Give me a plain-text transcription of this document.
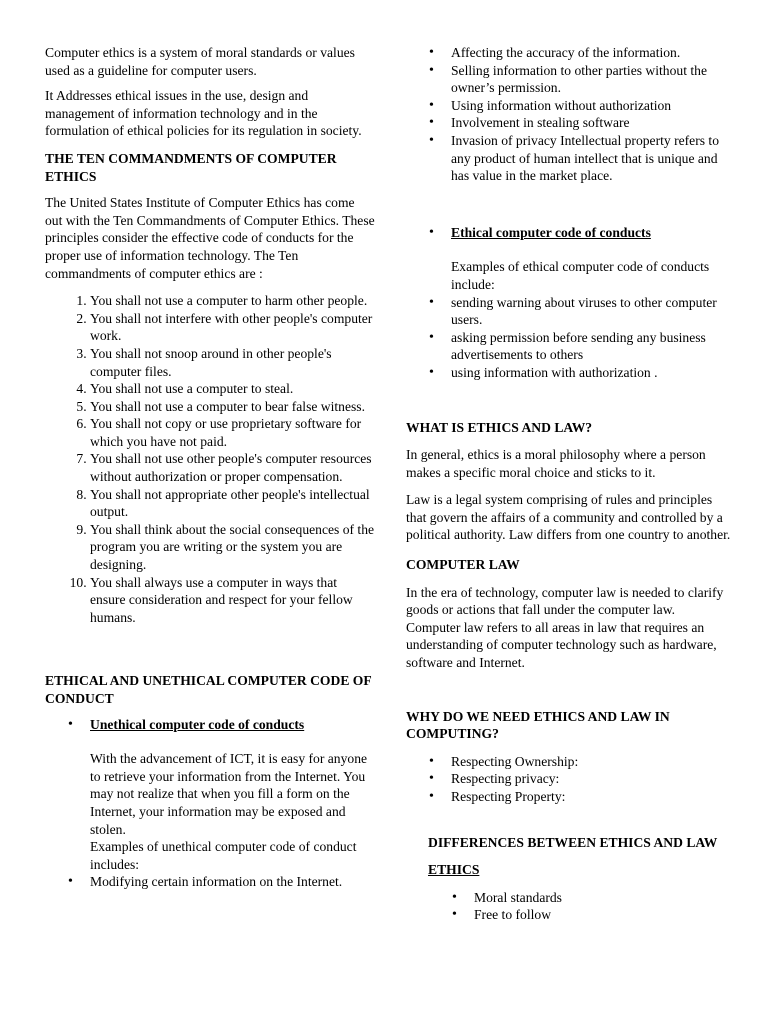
Computer ethics is a system of moral standards or values used as a guideline for computer users.

It Addresses ethical issues in the use, design and management of information technology and in the formulation of ethical policies for its regulation in society.

THE TEN COMMANDMENTS OF COMPUTER ETHICS

The United States Institute of Computer Ethics has come out with the Ten Commandments of Computer Ethics. These principles consider the effective code of conducts for the proper use of information technology. The Ten commandments of computer ethics are :

1. You shall not use a computer to harm other people.
2. You shall not interfere with other people's computer work.
3. You shall not snoop around in other people's computer files.
4. You shall not use a computer to steal.
5. You shall not use a computer to bear false witness.
6. You shall not copy or use proprietary software for which you have not paid.
7. You shall not use other people's computer resources without authorization or proper compensation.
8. You shall not appropriate other people's intellectual output.
9. You shall think about the social consequences of the program you are writing or the system you are designing.
10. You shall always use a computer in ways that ensure consideration and respect for your fellow humans.
ETHICAL AND UNETHICAL COMPUTER CODE OF CONDUCT
• Unethical computer code of conducts
With the advancement of ICT, it is easy for anyone to retrieve your information from the Internet. You may not realize that when you fill a form on the Internet, your information may be exposed and stolen.
Examples of unethical computer code of conduct includes:
• Modifying certain information on the Internet.
• Affecting the accuracy of the information.
• Selling information to other parties without the owner’s permission.
• Using information without authorization
• Involvement in stealing software
• Invasion of privacy Intellectual property refers to any product of human intellect that is unique and has value in the market place.
• Ethical computer code of conducts
Examples of ethical computer code of conducts include:
• sending warning about viruses to other computer users.
• asking permission before sending any business advertisements to others
• using information with authorization .
WHAT IS ETHICS AND LAW?

In general, ethics is a moral philosophy where a person makes a specific moral choice and sticks to it.

Law is a legal system comprising of rules and principles that govern the affairs of a community and controlled by a political authority. Law differs from one country to another.

COMPUTER LAW

In the era of technology, computer law is needed to clarify goods or actions that fall under the computer law. Computer law refers to all areas in law that requires an understanding of computer technology such as hardware, software and Internet.

WHY DO WE NEED ETHICS AND LAW IN COMPUTING?
• Respecting Ownership:
• Respecting privacy:
• Respecting Property:
DIFFERENCES BETWEEN ETHICS AND LAW
ETHICS
• Moral standards
• Free to follow
